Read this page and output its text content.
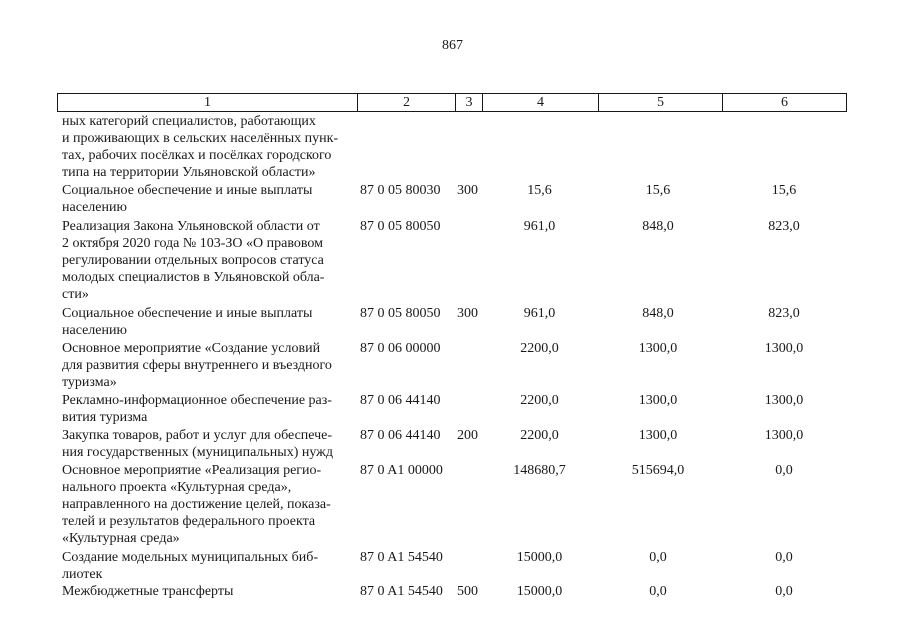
867
1	2	3	4	5	6
ных категорий специалистов, работающих
и проживающих в сельских населённых пунк-
тах, рабочих посёлках и посёлках городского
типа на территории Ульяновской области»
Социальное обеспечение и иные выплаты
населению
87 0 05 80030 300	15,6	15,6	15,6
Реализация Закона Ульяновской области от
2 октября 2020 года № 103-ЗО «О правовом
регулировании отдельных вопросов статуса
молодых специалистов в Ульяновской обла-
сти»
87 0 05 80050	961,0	848,0	823,0
Социальное обеспечение и иные выплаты
населению
87 0 05 80050 300	961,0	848,0	823,0
Основное мероприятие «Создание условий
для развития сферы внутреннего и въездного
туризма»
87 0 06 00000	2200,0	1300,0	1300,0
Рекламно-информационное обеспечение раз-
вития туризма
87 0 06 44140	2200,0	1300,0	1300,0
Закупка товаров, работ и услуг для обеспече-
ния государственных (муниципальных) нужд
87 0 06 44140 200	2200,0	1300,0	1300,0
Основное мероприятие «Реализация регио-
нального проекта «Культурная среда»,
направленного на достижение целей, показа-
телей и результатов федерального проекта
«Культурная среда»
87 0 A1 00000	148680,7	515694,0	0,0
Создание модельных муниципальных биб-
лиотек
87 0 A1 54540	15000,0	0,0	0,0
Межбюджетные трансферты	87 0 A1 54540 500	15000,0	0,0	0,0
